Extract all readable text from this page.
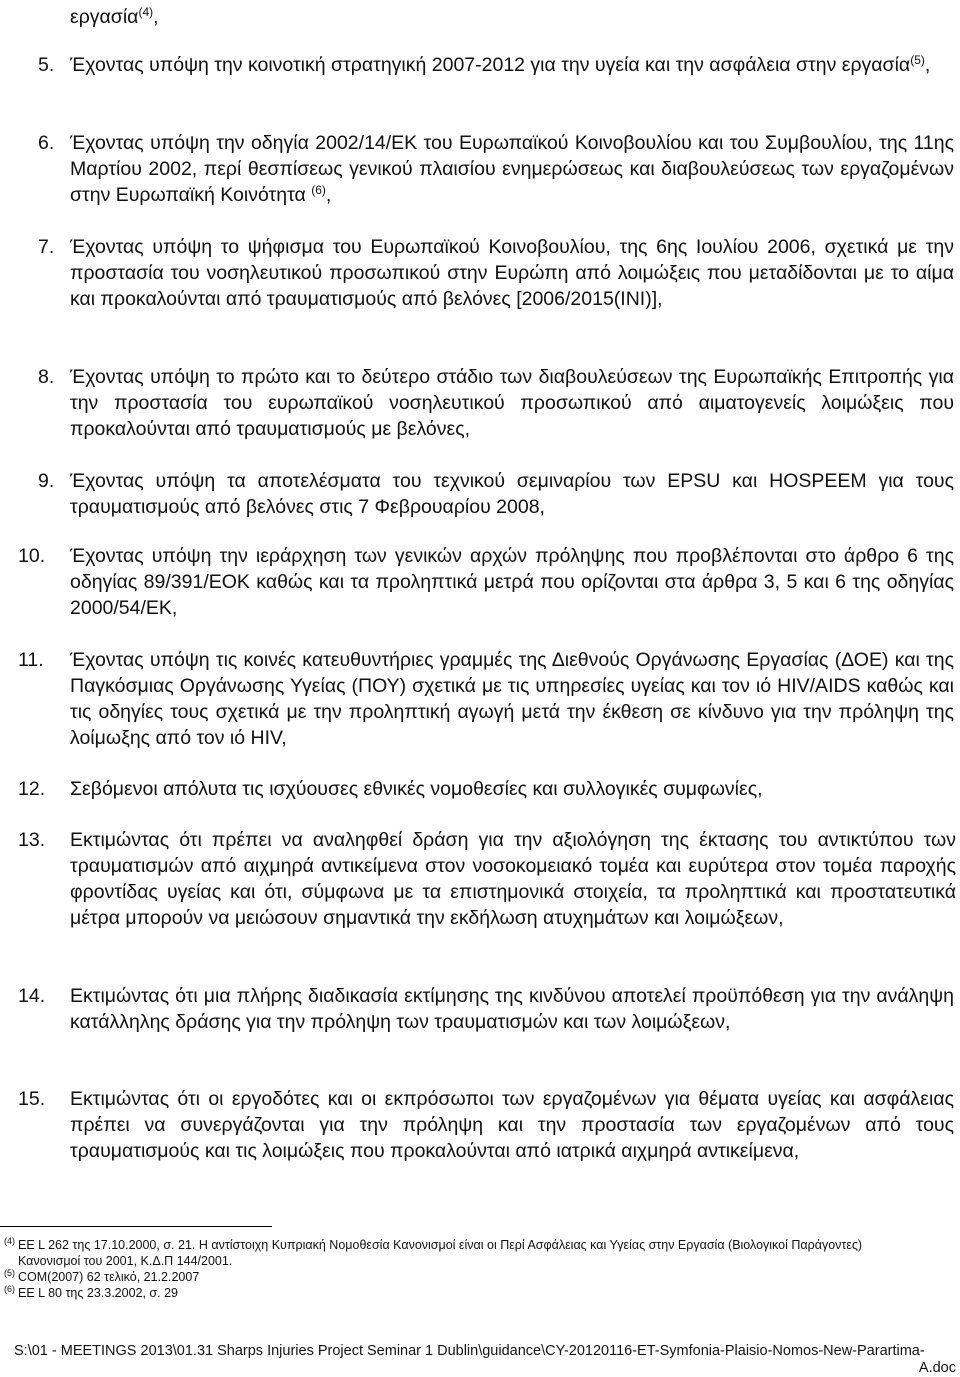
εργασία$^{(4)}$,
5. Έχοντας υπόψη την κοινοτική στρατηγική 2007-2012 για την υγεία και την ασφάλεια στην εργασία$^{(5)}$,
6. Έχοντας υπόψη την οδηγία 2002/14/ΕΚ του Ευρωπαϊκού Κοινοβουλίου και του Συμβουλίου, της 11ης Μαρτίου 2002, περί θεσπίσεως γενικού πλαισίου ενημερώσεως και διαβουλεύσεως των εργαζομένων στην Ευρωπαϊκή Κοινότητα $^{(6)}$,
7. Έχοντας υπόψη το ψήφισμα του Ευρωπαϊκού Κοινοβουλίου, της 6ης Ιουλίου 2006, σχετικά με την προστασία του νοσηλευτικού προσωπικού στην Ευρώπη από λοιμώξεις που μεταδίδονται με το αίμα και προκαλούνται από τραυματισμούς από βελόνες [2006/2015(INI)],
8. Έχοντας υπόψη το πρώτο και το δεύτερο στάδιο των διαβουλεύσεων της Ευρωπαϊκής Επιτροπής για την προστασία του ευρωπαϊκού νοσηλευτικού προσωπικού από αιματογενείς λοιμώξεις που προκαλούνται από τραυματισμούς με βελόνες,
9. Έχοντας υπόψη τα αποτελέσματα του τεχνικού σεμιναρίου των EPSU και HOSPEEM για τους τραυματισμούς από βελόνες στις 7 Φεβρουαρίου 2008,
10. Έχοντας υπόψη την ιεράρχηση των γενικών αρχών πρόληψης που προβλέπονται στο άρθρο 6 της οδηγίας 89/391/ΕΟΚ καθώς και τα προληπτικά μετρά που ορίζονται στα άρθρα 3, 5 και 6 της οδηγίας 2000/54/ΕΚ,
11. Έχοντας υπόψη τις κοινές κατευθυντήριες γραμμές της Διεθνούς Οργάνωσης Εργασίας (ΔΟΕ) και της Παγκόσμιας Οργάνωσης Υγείας (ΠΟΥ) σχετικά με τις υπηρεσίες υγείας και τον ιό HIV/AIDS καθώς και τις οδηγίες τους σχετικά με την προληπτική αγωγή μετά την έκθεση σε κίνδυνο για την πρόληψη της λοίμωξης από τον ιό HIV,
12. Σεβόμενοι απόλυτα τις ισχύουσες εθνικές νομοθεσίες και συλλογικές συμφωνίες,
13. Εκτιμώντας ότι πρέπει να αναληφθεί δράση για την αξιολόγηση της έκτασης του αντικτύπου των τραυματισμών από αιχμηρά αντικείμενα στον νοσοκομειακό τομέα και ευρύτερα στον τομέα παροχής φροντίδας υγείας και ότι, σύμφωνα με τα επιστημονικά στοιχεία, τα προληπτικά και προστατευτικά μέτρα μπορούν να μειώσουν σημαντικά την εκδήλωση ατυχημάτων και λοιμώξεων,
14. Εκτιμώντας ότι μια πλήρης διαδικασία εκτίμησης της κινδύνου αποτελεί προϋπόθεση για την ανάληψη κατάλληλης δράσης για την πρόληψη των τραυματισμών και των λοιμώξεων,
15. Εκτιμώντας ότι οι εργοδότες και οι εκπρόσωποι των εργαζομένων για θέματα υγείας και ασφάλειας πρέπει να συνεργάζονται για την πρόληψη και την προστασία των εργαζομένων από τους τραυματισμούς και τις λοιμώξεις που προκαλούνται από ιατρικά αιχμηρά αντικείμενα,
(4) ΕΕ L 262 της 17.10.2000, σ. 21. Η αντίστοιχη Κυπριακή Νομοθεσία Κανονισμοί είναι οι Περί Ασφάλειας και Υγείας στην Εργασία (Βιολογικοί Παράγοντες) Κανονισμοί του 2001, Κ.Δ.Π 144/2001.
(5) COM(2007) 62 τελικό, 21.2.2007
(6) EE L 80 της 23.3.2002, σ. 29
S:\01 - MEETINGS 2013\01.31 Sharps Injuries Project Seminar 1 Dublin\guidance\CY-20120116-ET-Symfonia-Plaisio-Nomos-New-Parartima-
A.doc
